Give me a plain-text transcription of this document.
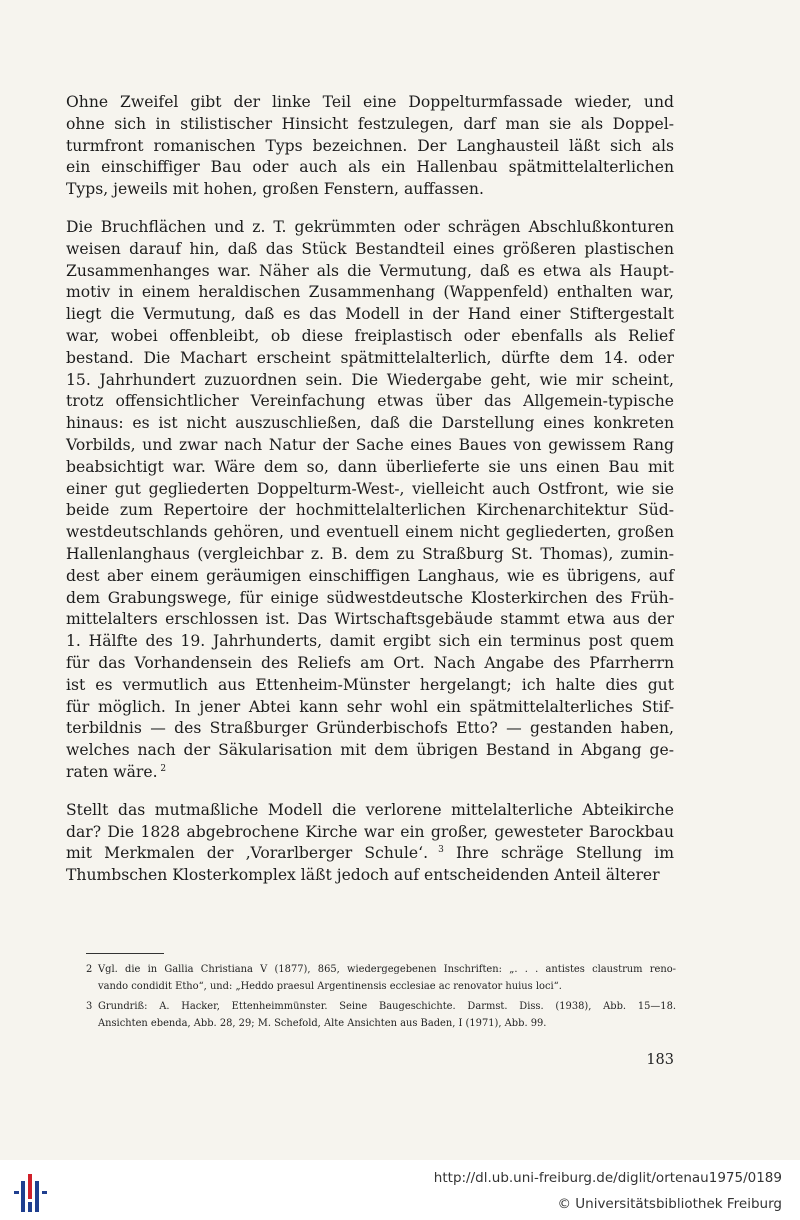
Ohne Zweifel gibt der linke Teil eine Doppelturmfassade wieder, und
ohne sich in stilistischer Hinsicht festzulegen, darf man sie als Doppel-
turmfront romanischen Typs bezeichnen. Der Langhausteil läßt sich als
ein einschiffiger Bau oder auch als ein Hallenbau spätmittelalterlichen
Typs, jeweils mit hohen, großen Fenstern, auffassen.

Die Bruchflächen und z. T. gekrümmten oder schrägen Abschlußkonturen
weisen darauf hin, daß das Stück Bestandteil eines größeren plastischen
Zusammenhanges war. Näher als die Vermutung, daß es etwa als Haupt-
motiv in einem heraldischen Zusammenhang (Wappenfeld) enthalten war,
liegt die Vermutung, daß es das Modell in der Hand einer Stiftergestalt
war, wobei offenbleibt, ob diese freiplastisch oder ebenfalls als Relief
bestand. Die Machart erscheint spätmittelalterlich, dürfte dem 14. oder
15. Jahrhundert zuzuordnen sein. Die Wiedergabe geht, wie mir scheint,
trotz offensichtlicher Vereinfachung etwas über das Allgemein-typische
hinaus: es ist nicht auszuschließen, daß die Darstellung eines konkreten
Vorbilds, und zwar nach Natur der Sache eines Baues von gewissem Rang
beabsichtigt war. Wäre dem so, dann überlieferte sie uns einen Bau mit
einer gut gegliederten Doppelturm-West-, vielleicht auch Ostfront, wie sie
beide zum Repertoire der hochmittelalterlichen Kirchenarchitektur Süd-
westdeutschlands gehören, und eventuell einem nicht gegliederten, großen
Hallenlanghaus (vergleichbar z. B. dem zu Straßburg St. Thomas), zumin-
dest aber einem geräumigen einschiffigen Langhaus, wie es übrigens, auf
dem Grabungswege, für einige südwestdeutsche Klosterkirchen des Früh-
mittelalters erschlossen ist. Das Wirtschaftsgebäude stammt etwa aus der
1. Hälfte des 19. Jahrhunderts, damit ergibt sich ein terminus post quem
für das Vorhandensein des Reliefs am Ort. Nach Angabe des Pfarrherrn
ist es vermutlich aus Ettenheim-Münster hergelangt; ich halte dies gut
für möglich. In jener Abtei kann sehr wohl ein spätmittelalterliches Stif-
terbildnis — des Straßburger Gründerbischofs Etto? — gestanden haben,
welches nach der Säkularisation mit dem übrigen Bestand in Abgang ge-
raten wäre. $^2$

Stellt das mutmaßliche Modell die verlorene mittelalterliche Abteikirche
dar? Die 1828 abgebrochene Kirche war ein großer, gewesteter Barockbau
mit Merkmalen der ‚Vorarlberger Schule‘. $^3$ Ihre schräge Stellung im
Thumbschen Klosterkomplex läßt jedoch auf entscheidenden Anteil älterer

2 Vgl. die in Gallia Christiana V (1877), 865, wiedergegebenen Inschriften: „. . . antistes claustrum reno-
vando condidit Etho“, und: „Heddo praesul Argentinensis ecclesiae ac renovator huius loci“.
3 Grundriß: A. Hacker, Ettenheimmünster. Seine Baugeschichte. Darmst. Diss. (1938), Abb. 15—18.
Ansichten ebenda, Abb. 28, 29; M. Schefold, Alte Ansichten aus Baden, I (1971), Abb. 99.
183
http://dl.ub.uni-freiburg.de/diglit/ortenau1975/0189
© Universitätsbibliothek Freiburg
